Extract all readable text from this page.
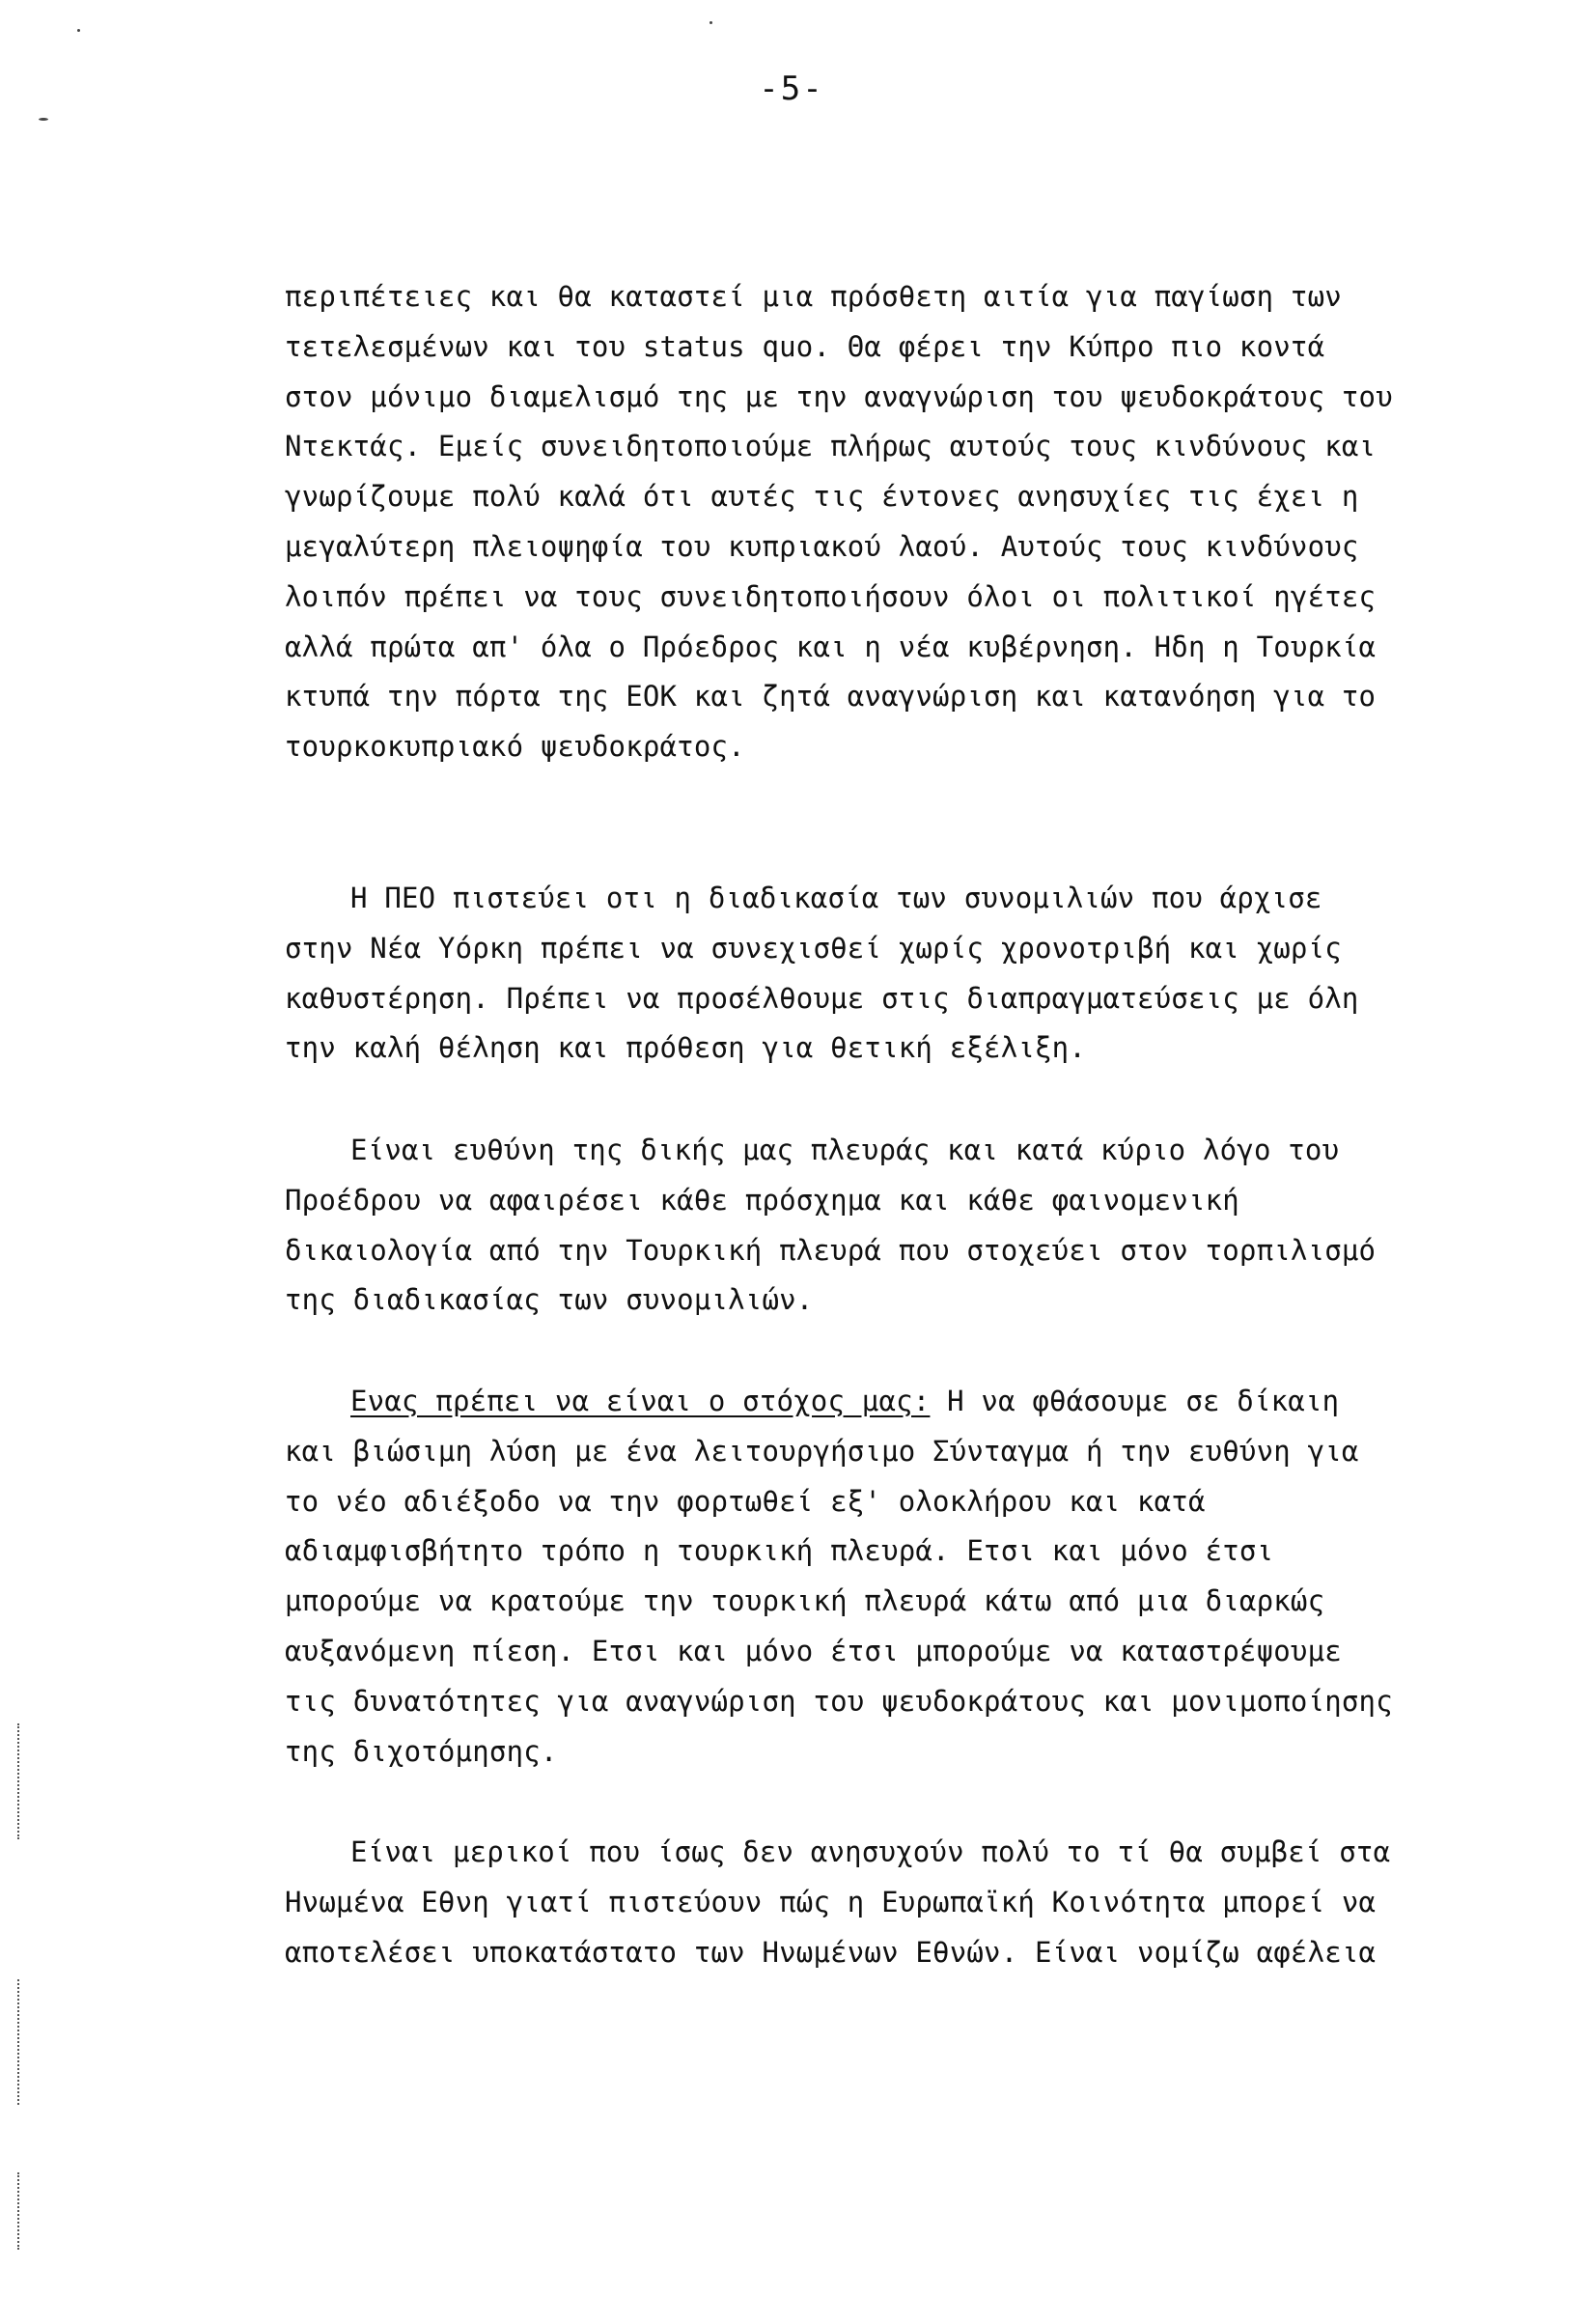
-5-
περιπέτειες και θα καταστεί μια πρόσθετη αιτία για παγίωση των
τετελεσμένων και του status quo. Θα φέρει την Κύπρο πιο κοντά
στον μόνιμο διαμελισμό της με την αναγνώριση του ψευδοκράτους του
Ντεκτάς. Εμείς συνειδητοποιούμε πλήρως αυτούς τους κινδύνους και
γνωρίζουμε πολύ καλά ότι αυτές τις έντονες ανησυχίες τις έχει η
μεγαλύτερη πλειοψηφία του κυπριακού λαού. Αυτούς τους κινδύνους
λοιπόν πρέπει να τους συνειδητοποιήσουν όλοι οι πολιτικοί ηγέτες
αλλά πρώτα απ' όλα ο Πρόεδρος και η νέα κυβέρνηση. Ηδη η Τουρκία
κτυπά την πόρτα της ΕΟΚ και ζητά αναγνώριση και κατανόηση για το
τουρκοκυπριακό ψευδοκράτος.
Η ΠΕΟ πιστεύει οτι η διαδικασία των συνομιλιών που άρχισε
στην Νέα Υόρκη πρέπει να συνεχισθεί χωρίς χρονοτριβή και χωρίς
καθυστέρηση. Πρέπει να προσέλθουμε στις διαπραγματεύσεις με όλη
την καλή θέληση και πρόθεση για θετική εξέλιξη.
Είναι ευθύνη της δικής μας πλευράς και κατά κύριο λόγο του
Προέδρου να αφαιρέσει κάθε πρόσχημα και κάθε φαινομενική
δικαιολογία από την Τουρκική πλευρά που στοχεύει στον τορπιλισμό
της διαδικασίας των συνομιλιών.
Ενας πρέπει να είναι ο στόχος μας: Η να φθάσουμε σε δίκαιη
και βιώσιμη λύση με ένα λειτουργήσιμο Σύνταγμα ή την ευθύνη για
το νέο αδιέξοδο να την φορτωθεί εξ' ολοκλήρου και κατά
αδιαμφισβήτητο τρόπο η τουρκική πλευρά. Ετσι και μόνο έτσι
μπορούμε να κρατούμε την τουρκική πλευρά κάτω από μια διαρκώς
αυξανόμενη πίεση. Ετσι και μόνο έτσι μπορούμε να καταστρέψουμε
τις δυνατότητες για αναγνώριση του ψευδοκράτους και μονιμοποίησης
της διχοτόμησης.
Είναι μερικοί που ίσως δεν ανησυχούν πολύ το τί θα συμβεί στα
Ηνωμένα Εθνη γιατί πιστεύουν πώς η Ευρωπαϊκή Κοινότητα μπορεί να
αποτελέσει υποκατάστατο των Ηνωμένων Εθνών. Είναι νομίζω αφέλεια
